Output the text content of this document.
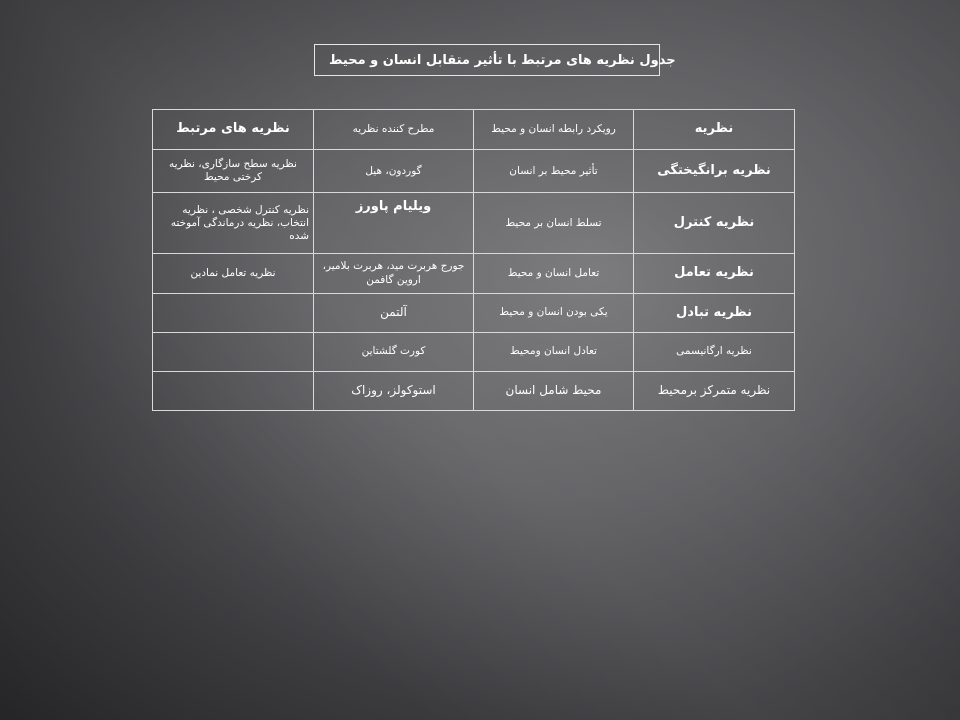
جدول نظریه های مرتبط با تأثیر متقابل انسان و محیط
نظریه های مرتبط	مطرح کننده نظریه	رویکرد رابطه انسان و محیط	نظریه
نظریه سطح سازگاری، نظریه کرختی محیط	گوردون، هیل	تأثیر محیط بر انسان	نظریه برانگیختگی
نظریه کنترل شخصی ، نظریه انتخاب، نظریه درماندگی آموخته شده	ویلیام پاورز	تسلط انسان بر محیط	نظریه کنترل
نظریه تعامل نمادین	جورج هربرت مید، هربرت بلامیر، اروین گافمن	تعامل انسان و محیط	نظریه تعامل
	آلتمن	یکی بودن انسان و محیط	نظریه تبادل
	کورت گلشتاین	تعادل انسان ومحیط	نظریه ارگانیسمی
	استوکولز، روزاک	محیط شامل انسان	نظریه متمرکز برمحیط
